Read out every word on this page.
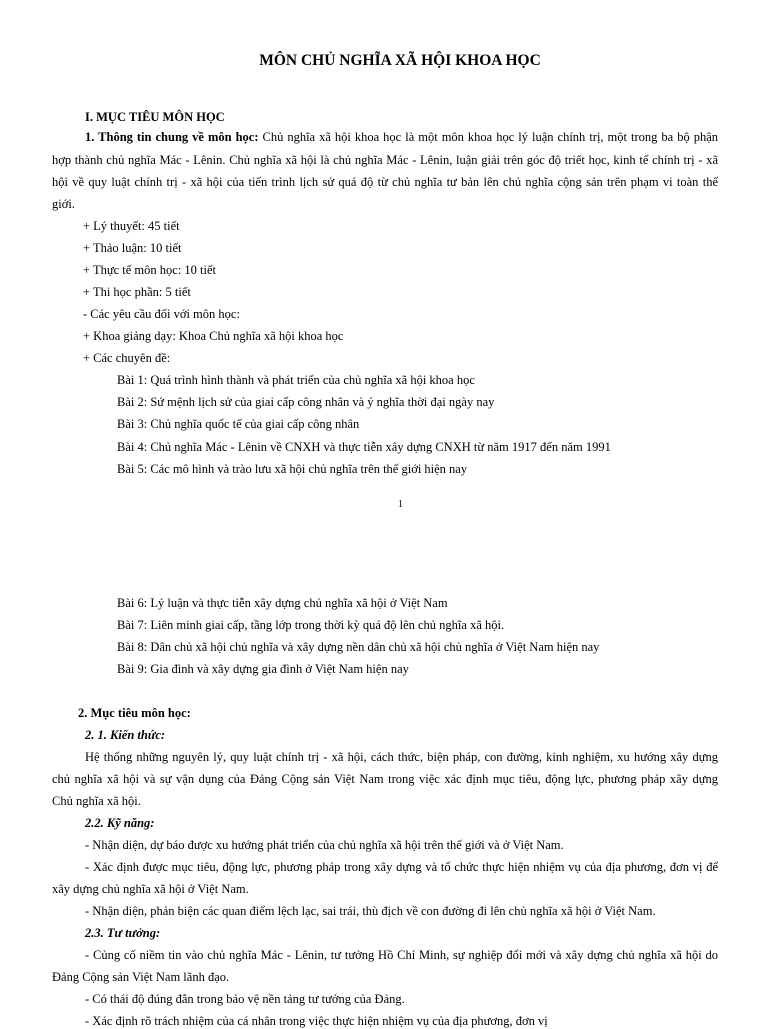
MÔN CHỦ NGHĨA XÃ HỘI KHOA HỌC
I. MỤC TIÊU MÔN HỌC
1. Thông tin chung về môn học: Chủ nghĩa xã hội khoa học là một môn khoa học lý luận chính trị, một trong ba bộ phận
hợp thành chủ nghĩa Mác - Lênin. Chủ nghĩa xã hội là chủ nghĩa Mác - Lênin, luận giải trên góc độ triết học, kinh tế chính trị - xã
hội về quy luật chính trị - xã hội của tiến trình lịch sử quá độ từ chủ nghĩa tư bản lên chủ nghĩa cộng sản trên phạm vi toàn thế
giới.
+ Lý thuyết: 45 tiết
+ Thảo luận: 10 tiết
+ Thực tế môn học: 10 tiết
+ Thi học phần: 5 tiết
- Các yêu cầu đối với môn học:
+ Khoa giảng dạy: Khoa Chủ nghĩa xã hội khoa học
+ Các chuyên đề:
Bài 1: Quá trình hình thành và phát triển của chủ nghĩa xã hội khoa học
Bài 2: Sứ mệnh lịch sử của giai cấp công nhân và ý nghĩa thời đại ngày nay
Bài 3: Chủ nghĩa quốc tế của giai cấp công nhân
Bài 4: Chủ nghĩa Mác - Lênin về CNXH và thực tiễn xây dựng CNXH từ năm 1917 đến năm 1991
Bài 5: Các mô hình và trào lưu xã hội chủ nghĩa trên thế giới hiện nay
1
Bài 6: Lý luận và thực tiễn xây dựng chủ nghĩa xã hội ở Việt Nam
Bài 7: Liên minh giai cấp, tầng lớp trong thời kỳ quá độ lên chủ nghĩa xã hội.
Bài 8: Dân chủ xã hội chủ nghĩa và xây dựng nền dân chủ xã hội chủ nghĩa ở Việt Nam hiện nay
Bài 9: Gia đình và xây dựng gia đình ở Việt Nam hiện nay
2. Mục tiêu môn học:
2. 1. Kiến thức:
Hệ thống những nguyên lý, quy luật chính trị - xã hội, cách thức, biện pháp, con đường, kinh nghiệm, xu hướng xây dựng
chủ nghĩa xã hội và sự vận dụng của Đảng Cộng sản Việt Nam trong việc xác định mục tiêu, động lực, phương pháp xây dựng
Chủ nghĩa xã hội.
2.2. Kỹ năng:
- Nhận diện, dự báo được xu hướng phát triển của chủ nghĩa xã hội trên thế giới và ở Việt Nam.
- Xác định được mục tiêu, động lực, phương pháp trong xây dựng và tổ chức thực hiện nhiệm vụ của địa phương, đơn vị để
xây dựng chủ nghĩa xã hội ở Việt Nam.
- Nhận diện, phản biện các quan điểm lệch lạc, sai trái, thù địch về con đường đi lên chủ nghĩa xã hội ở Việt Nam.
2.3. Tư tưởng:
- Củng cố niềm tin vào chủ nghĩa Mác - Lênin, tư tưởng Hồ Chí Minh, sự nghiệp đổi mới và xây dựng chủ nghĩa xã hội do
Đảng Cộng sản Việt Nam lãnh đạo.
- Có thái độ đúng đắn trong bảo vệ nền tảng tư tưởng của Đảng.
- Xác định rõ trách nhiệm của cá nhân trong việc thực hiện nhiệm vụ của địa phương, đơn vị
